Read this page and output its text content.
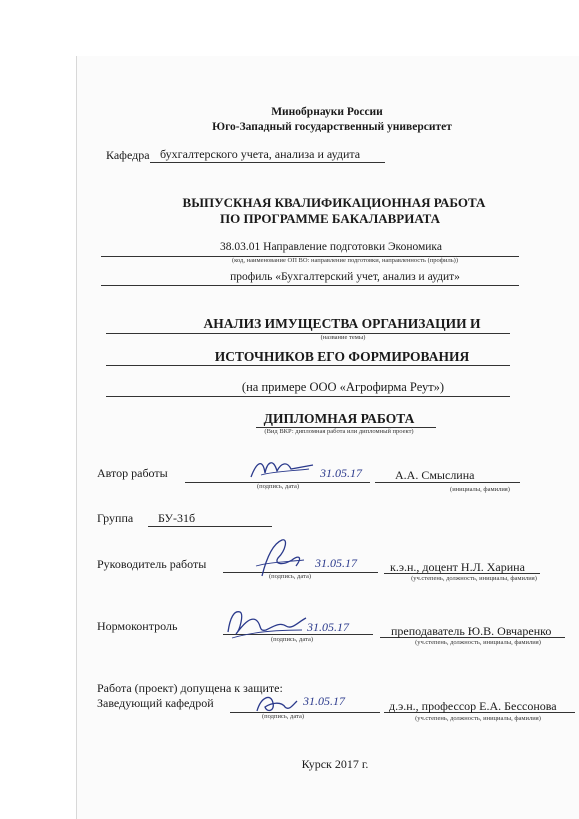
Минобрнауки России
Юго-Западный государственный университет
Кафедра бухгалтерского учета, анализа и аудита
ВЫПУСКНАЯ КВАЛИФИКАЦИОННАЯ РАБОТА
ПО ПРОГРАММЕ БАКАЛАВРИАТА
38.03.01 Направление подготовки Экономика
(код, наименование ОП ВО: направление подготовки, направленность (профиль))
профиль «Бухгалтерский учет, анализ и аудит»
АНАЛИЗ ИМУЩЕСТВА ОРГАНИЗАЦИИ И
(название темы)
ИСТОЧНИКОВ ЕГО ФОРМИРОВАНИЯ
(на примере ООО «Агрофирма Реут»)
ДИПЛОМНАЯ РАБОТА
(Вид ВКР: дипломная работа или дипломный проект)
Автор работы	31.05.17
(подпись, дата)
А.А. Смыслина
(инициалы, фамилия)
Группа БУ-31б
Руководитель работы	31.05.17
(подпись, дата)
к.э.н., доцент Н.Л. Харина
(уч.степень, должность, инициалы, фамилия)
Нормоконтроль	31.05.17
(подпись, дата)
преподаватель Ю.В. Овчаренко
(уч.степень, должность, инициалы, фамилия)
Работа (проект) допущена к защите:
Заведующий кафедрой	31.05.17
(подпись, дата)
д.э.н., профессор Е.А. Бессонова
(уч.степень, должность, инициалы, фамилия)
Курск 2017 г.
